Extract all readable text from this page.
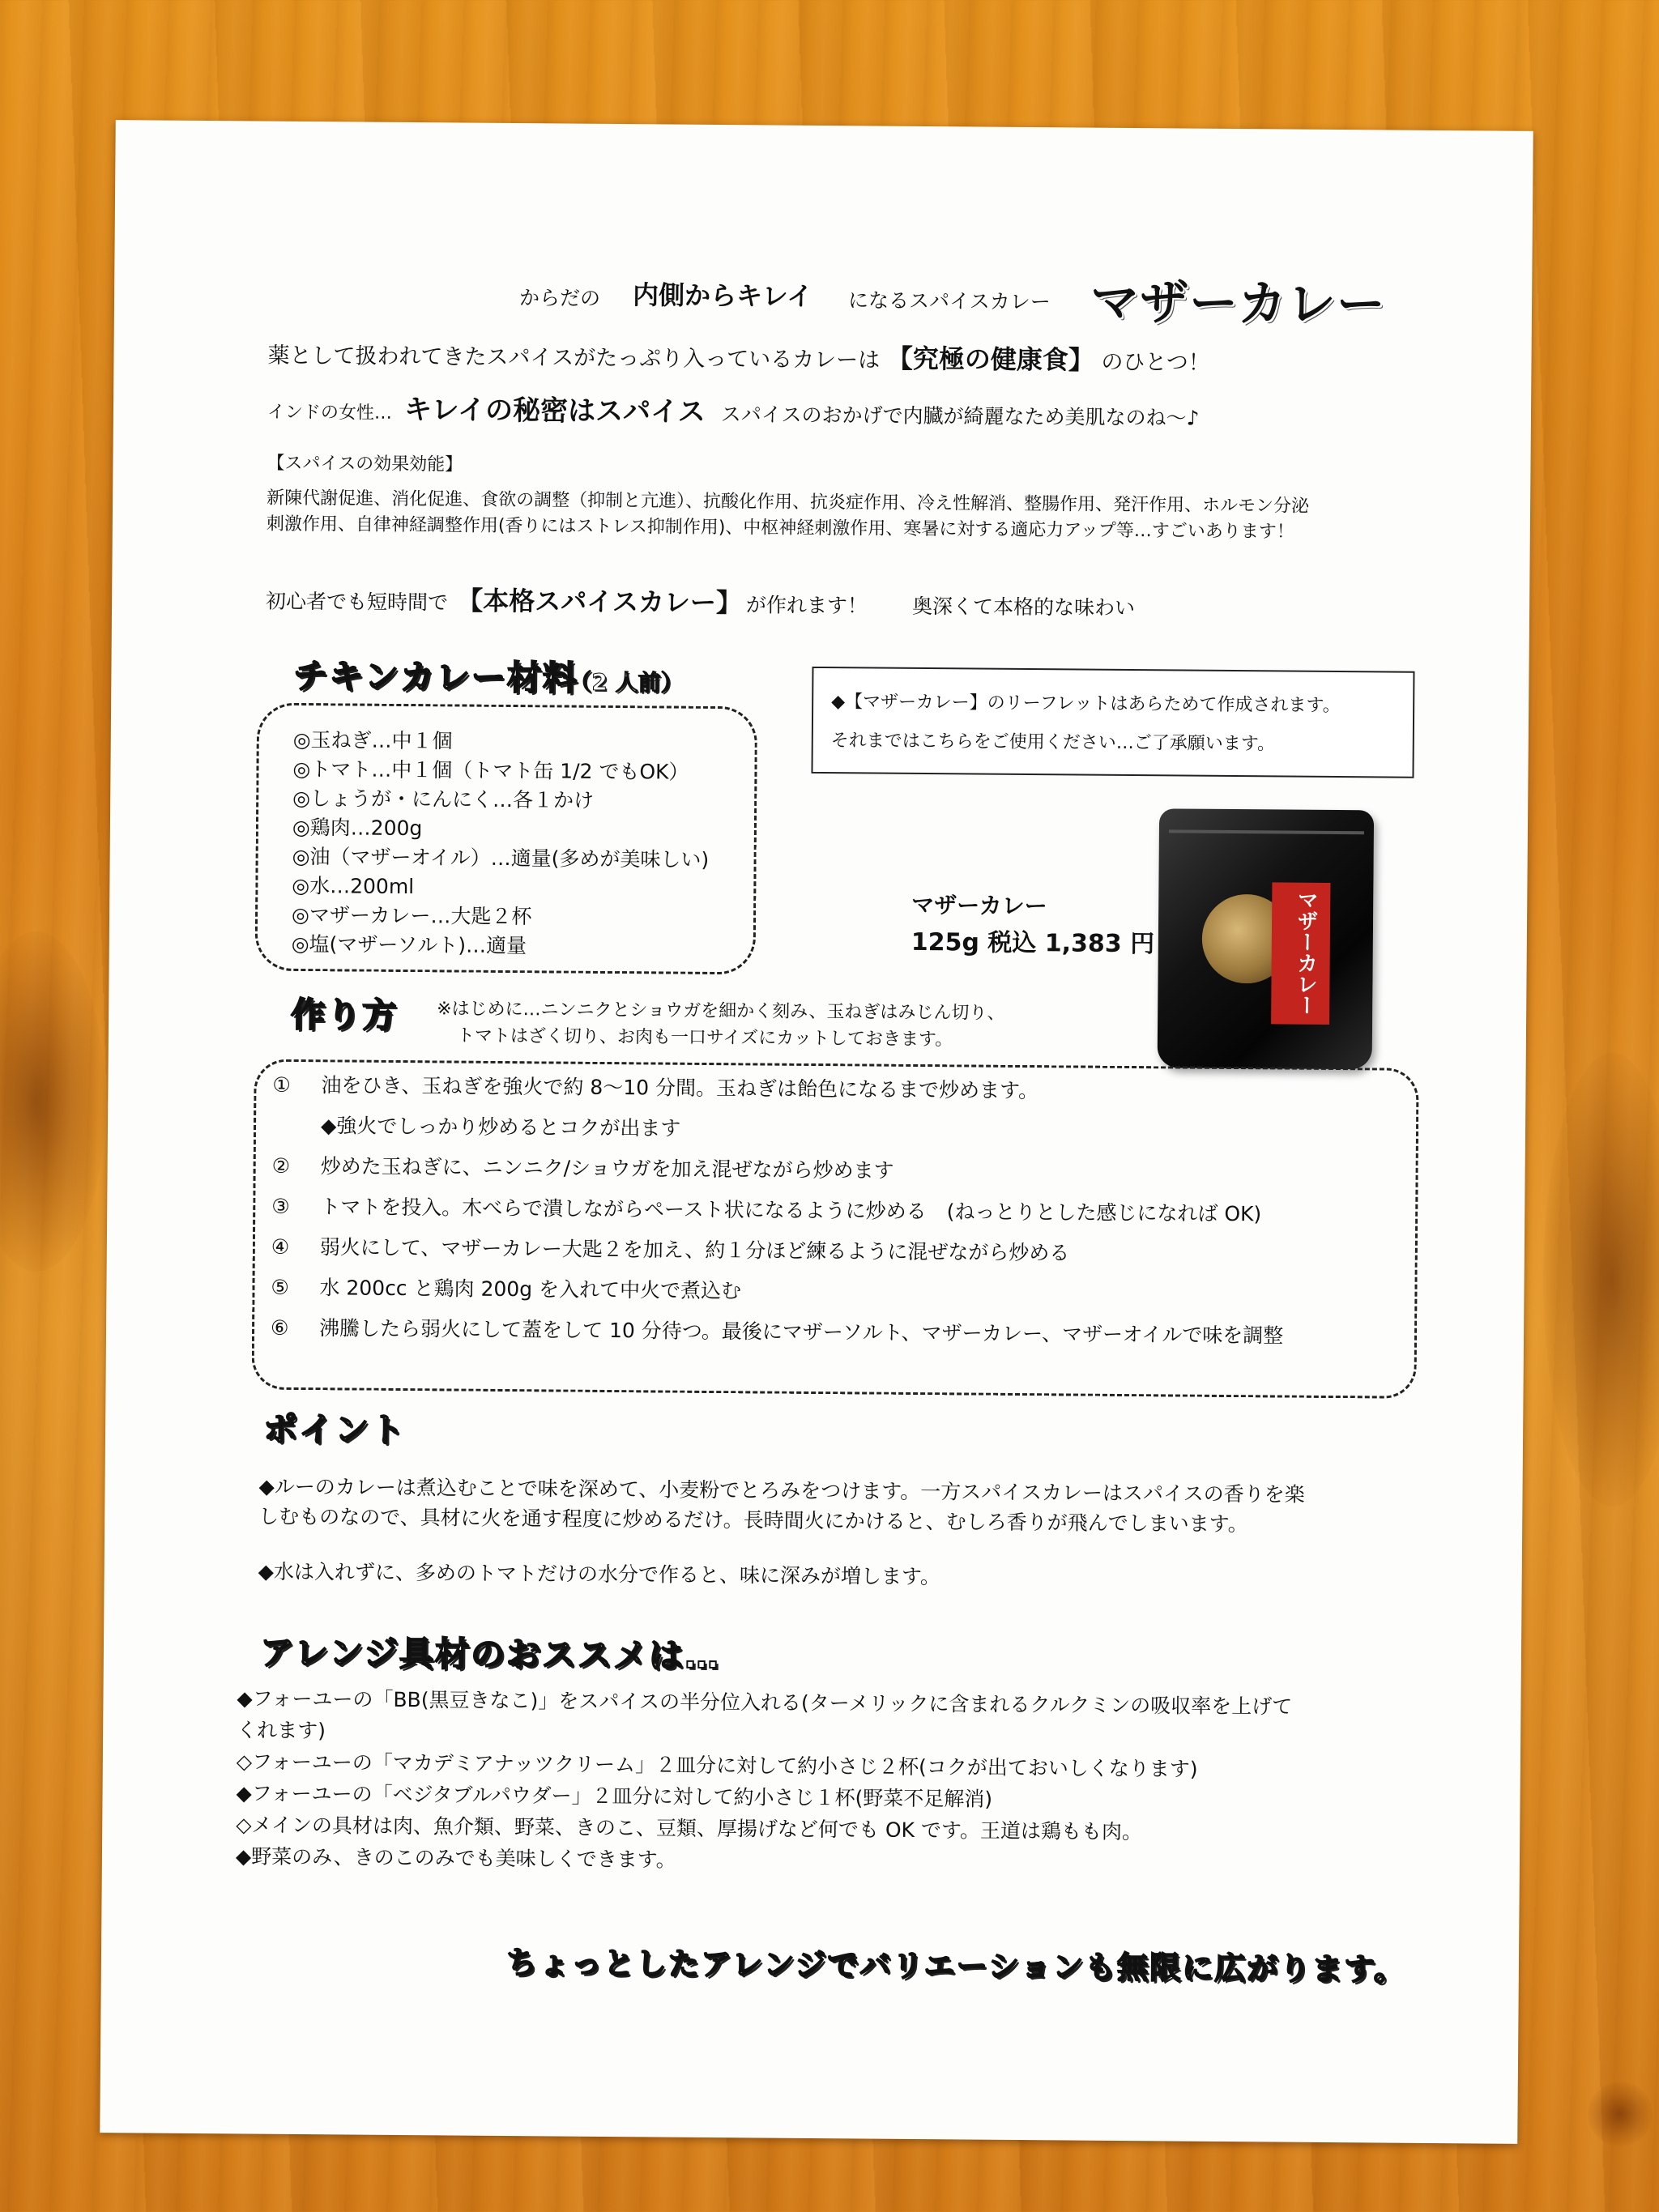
からだの 内側からキレイ になるスパイスカレー マザーカレー
薬として扱われてきたスパイスがたっぷり入っているカレーは 【究極の健康食】 のひとつ！
インドの女性… キレイの秘密はスパイス スパイスのおかげで内臓が綺麗なため美肌なのね～♪
【スパイスの効果効能】
新陳代謝促進、消化促進、食欲の調整（抑制と亢進）、抗酸化作用、抗炎症作用、冷え性解消、整腸作用、発汗作用、ホルモン分泌
刺激作用、自律神経調整作用(香りにはストレス抑制作用)、中枢神経刺激作用、寒暑に対する適応力アップ等…すごいあります！
初心者でも短時間で 【本格スパイスカレー】 が作れます！ 奥深くて本格的な味わい
チキンカレー材料
（2 人前）
◎玉ねぎ…中１個
◎トマト…中１個（トマト缶 1/2 でもOK）
◎しょうが・にんにく…各１かけ
◎鶏肉…200g
◎油（マザーオイル）…適量(多めが美味しい)
◎水…200ml
◎マザーカレー…大匙２杯
◎塩(マザーソルト)…適量
◆【マザーカレー】のリーフレットはあらためて作成されます。
それまではこちらをご使用ください…ご了承願います。
マザーカレー
125g 税込 1,383 円	マザーカレー
作り方 ※はじめに…ニンニクとショウガを細かく刻み、玉ねぎはみじん切り、
トマトはざく切り、お肉も一口サイズにカットしておきます。
① 油をひき、玉ねぎを強火で約 8～10 分間。玉ねぎは飴色になるまで炒めます。
◆強火でしっかり炒めるとコクが出ます
② 炒めた玉ねぎに、ニンニク/ショウガを加え混ぜながら炒めます
③ トマトを投入。木べらで潰しながらペースト状になるように炒める　(ねっとりとした感じになれば OK)
④ 弱火にして、マザーカレー大匙２を加え、約１分ほど練るように混ぜながら炒める
⑤ 水 200cc と鶏肉 200g を入れて中火で煮込む
⑥ 沸騰したら弱火にして蓋をして 10 分待つ。最後にマザーソルト、マザーカレー、マザーオイルで味を調整
ポイント
◆ルーのカレーは煮込むことで味を深めて、小麦粉でとろみをつけます。一方スパイスカレーはスパイスの香りを楽
しむものなので、具材に火を通す程度に炒めるだけ。長時間火にかけると、むしろ香りが飛んでしまいます。
◆水は入れずに、多めのトマトだけの水分で作ると、味に深みが増します。
アレンジ具材のおススメは…
◆フォーユーの「BB(黒豆きなこ)」をスパイスの半分位入れる(ターメリックに含まれるクルクミンの吸収率を上げて
くれます)
◇フォーユーの「マカデミアナッツクリーム」２皿分に対して約小さじ２杯(コクが出ておいしくなります)
◆フォーユーの「ベジタブルパウダー」２皿分に対して約小さじ１杯(野菜不足解消)
◇メインの具材は肉、魚介類、野菜、きのこ、豆類、厚揚げなど何でも OK です。王道は鶏もも肉。
◆野菜のみ、きのこのみでも美味しくできます。
ちょっとしたアレンジでバリエーションも無限に広がります。
